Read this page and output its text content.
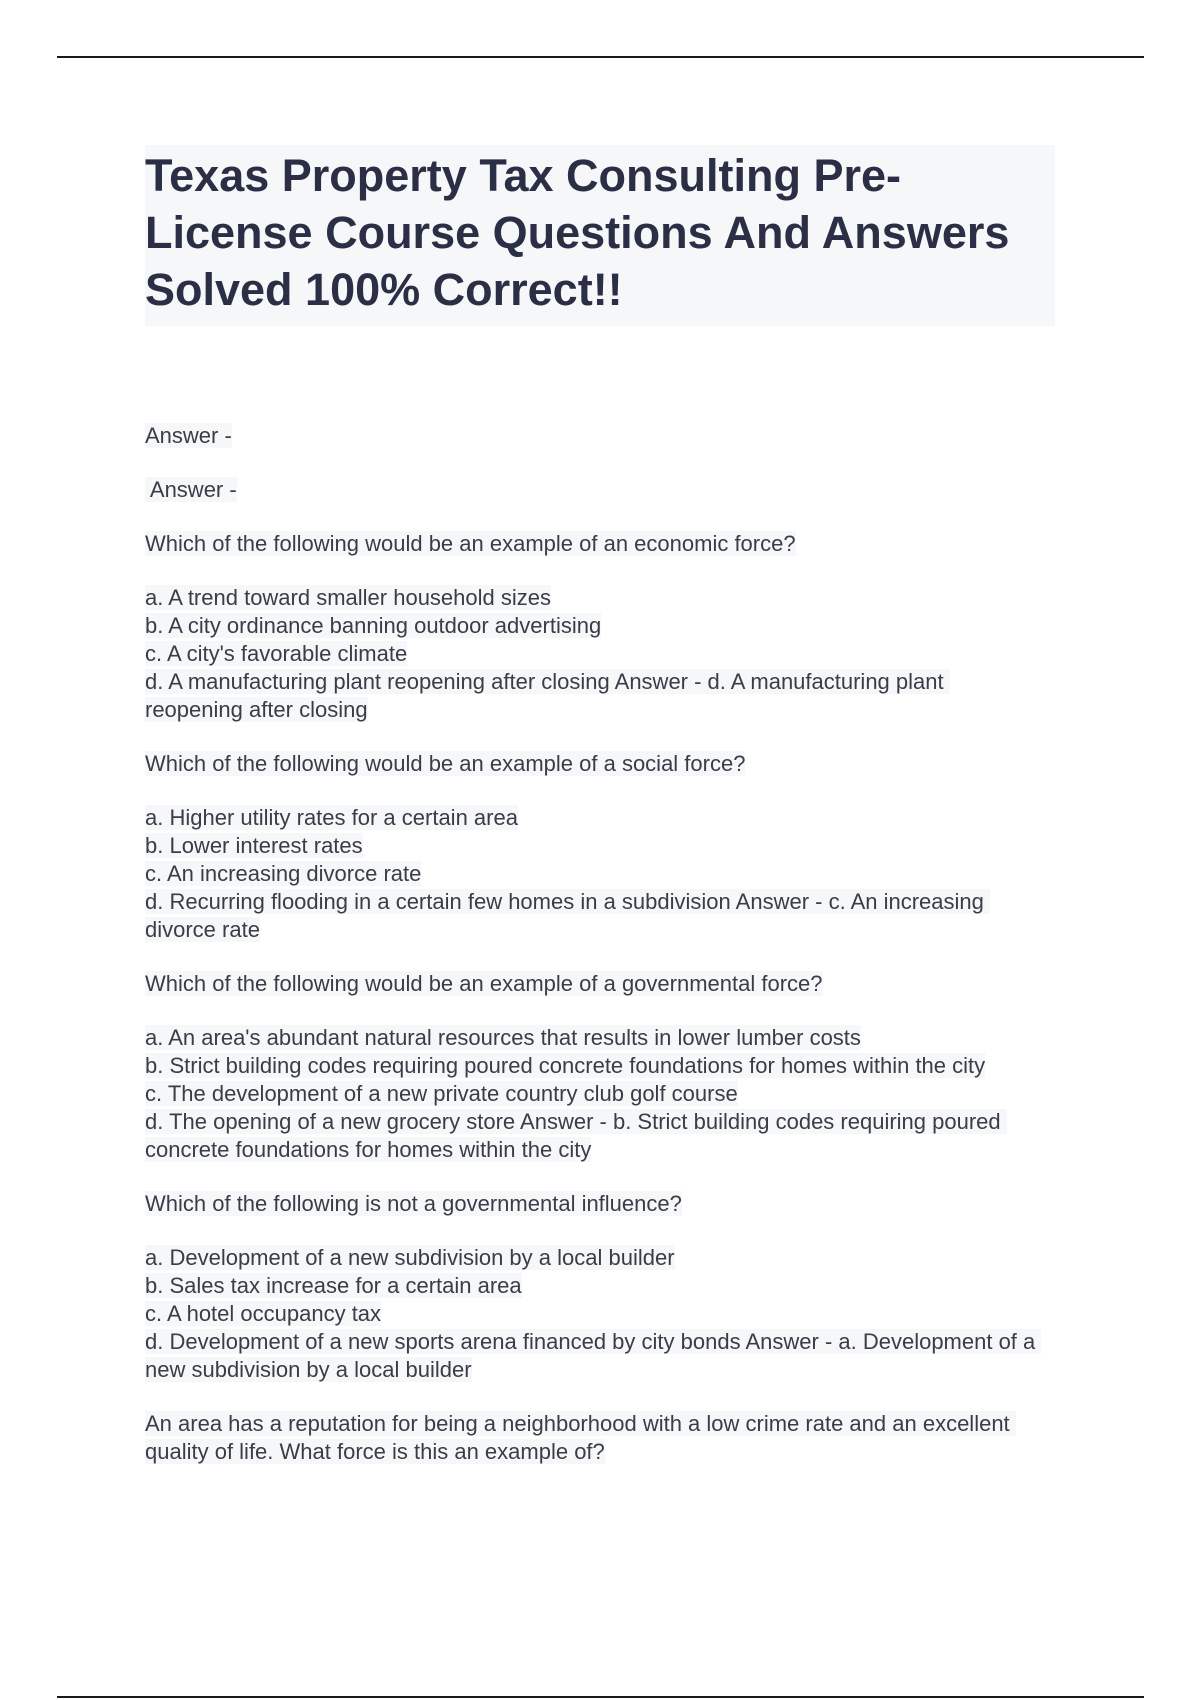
Texas Property Tax Consulting Pre-License Course Questions And Answers Solved 100% Correct!!
Answer -
Answer -
Which of the following would be an example of an economic force?
a. A trend toward smaller household sizes
b. A city ordinance banning outdoor advertising
c. A city's favorable climate
d. A manufacturing plant reopening after closing Answer - d. A manufacturing plant reopening after closing
Which of the following would be an example of a social force?
a. Higher utility rates for a certain area
b. Lower interest rates
c. An increasing divorce rate
d. Recurring flooding in a certain few homes in a subdivision Answer - c. An increasing divorce rate
Which of the following would be an example of a governmental force?
a. An area's abundant natural resources that results in lower lumber costs
b. Strict building codes requiring poured concrete foundations for homes within the city
c. The development of a new private country club golf course
d. The opening of a new grocery store Answer - b. Strict building codes requiring poured concrete foundations for homes within the city
Which of the following is not a governmental influence?
a. Development of a new subdivision by a local builder
b. Sales tax increase for a certain area
c. A hotel occupancy tax
d. Development of a new sports arena financed by city bonds Answer - a. Development of a new subdivision by a local builder
An area has a reputation for being a neighborhood with a low crime rate and an excellent quality of life. What force is this an example of?
